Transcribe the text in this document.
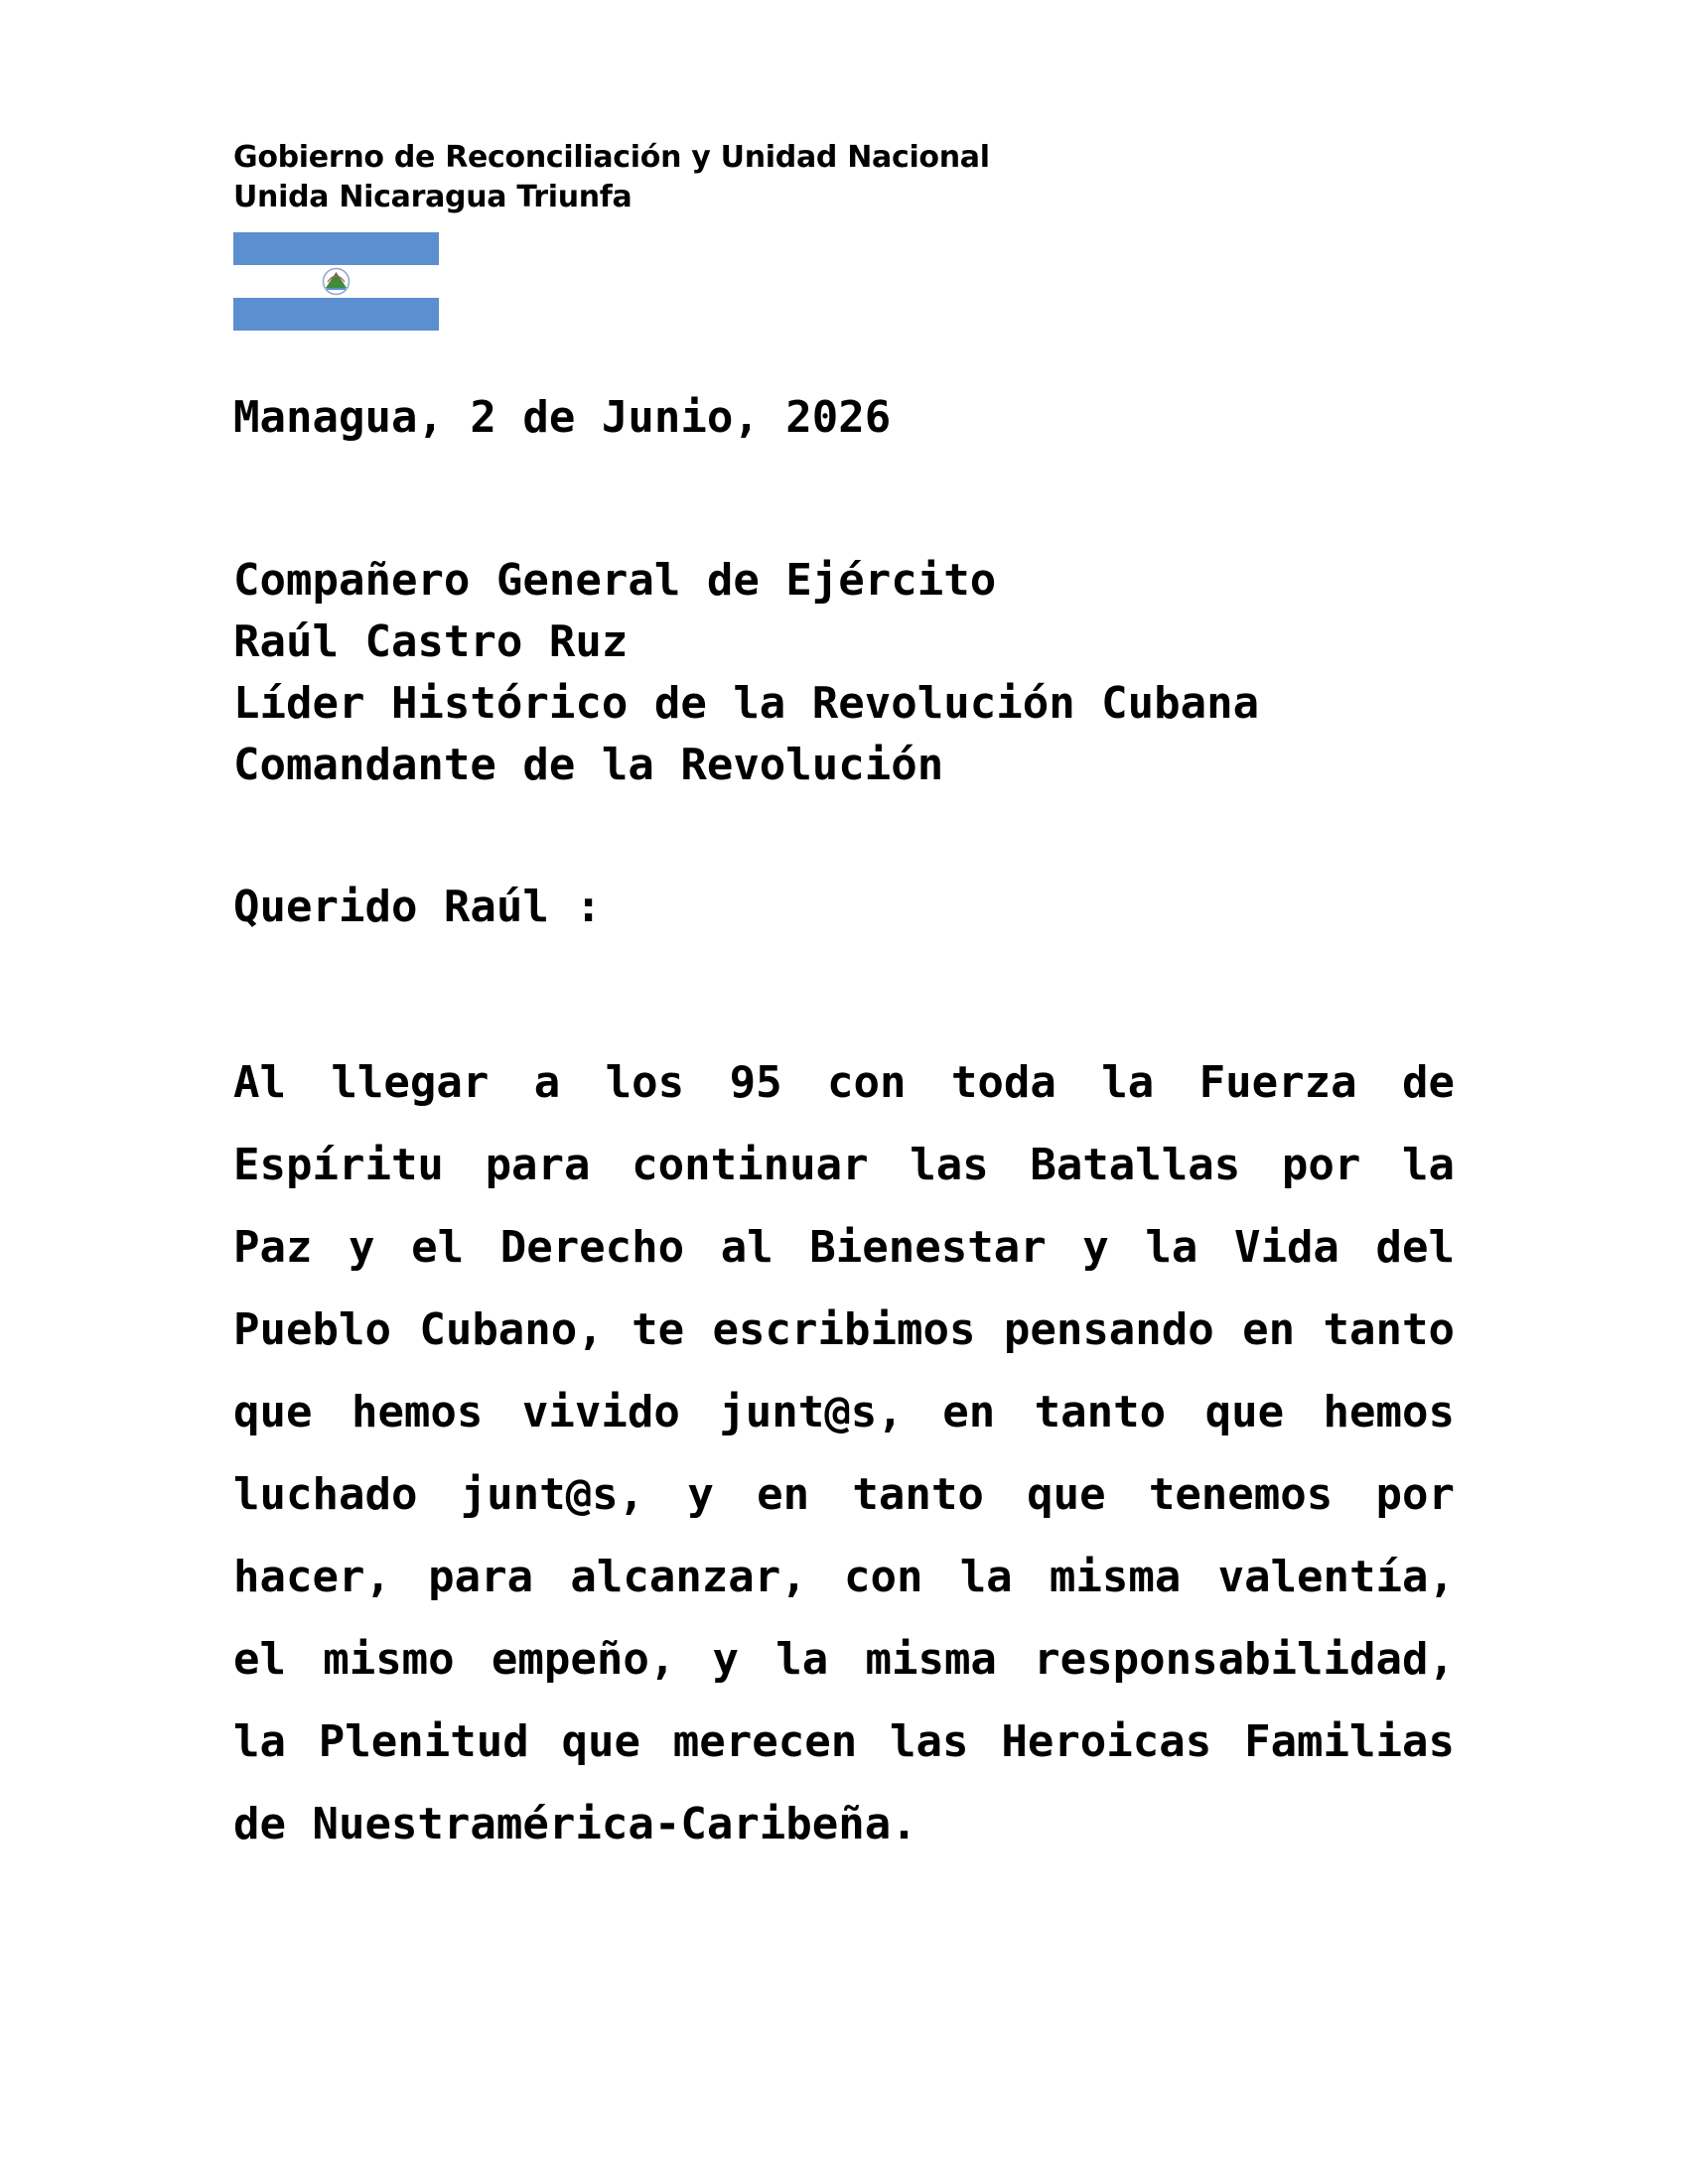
Gobierno de Reconciliación y Unidad Nacional
Unida Nicaragua Triunfa
Managua, 2 de Junio, 2026
Compañero General de Ejército
Raúl Castro Ruz
Líder Histórico de la Revolución Cubana
Comandante de la Revolución
Querido Raúl :
Al llegar a los 95 con toda la Fuerza de
Espíritu para continuar las Batallas por la
Paz y el Derecho al Bienestar y la Vida del
Pueblo Cubano, te escribimos pensando en tanto
que hemos vivido junt@s, en tanto que hemos
luchado junt@s, y en tanto que tenemos por
hacer, para alcanzar, con la misma valentía,
el mismo empeño, y la misma responsabilidad,
la Plenitud que merecen las Heroicas Familias
de Nuestramérica-Caribeña.
